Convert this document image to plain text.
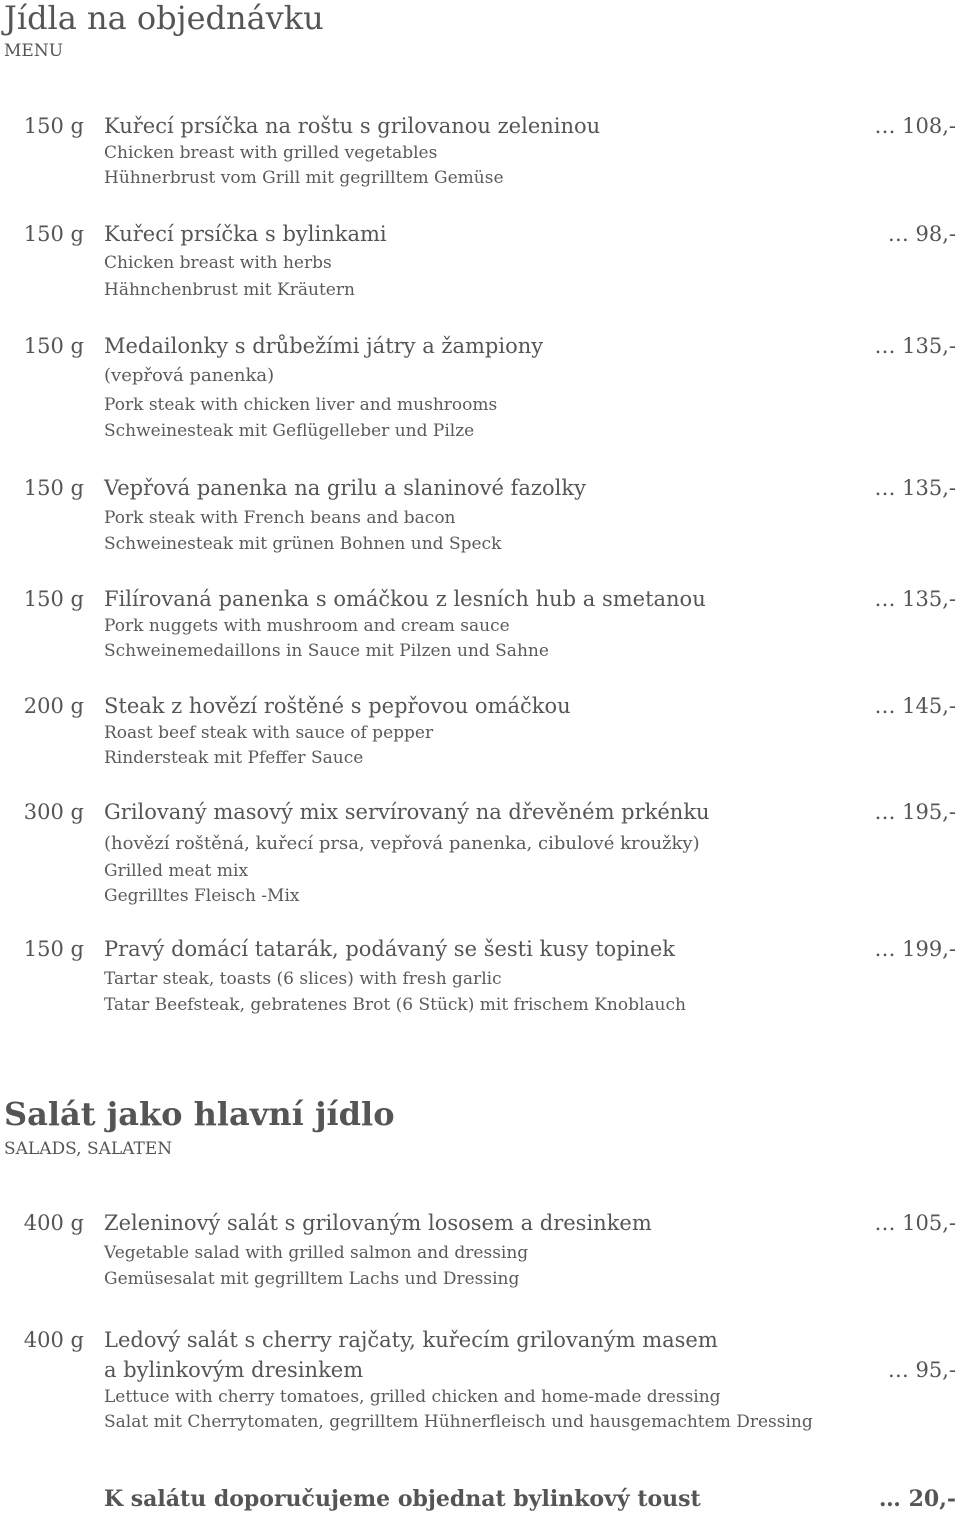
Jídla na objednávku
MENU
150 g Kuřecí prsíčka na roštu s grilovanou zeleninou	… 108,-
Chicken breast with grilled vegetables
Hühnerbrust vom Grill mit gegrilltem Gemüse
150 g Kuřecí prsíčka s bylinkami	… 98,-
Chicken breast with herbs
Hähnchenbrust mit Kräutern
150 g Medailonky s drůbežími játry a žampiony	… 135,-
(vepřová panenka)
Pork steak with chicken liver and mushrooms
Schweinesteak mit Geflügelleber und Pilze
150 g Vepřová panenka na grilu a slaninové fazolky	… 135,-
Pork steak with French beans and bacon
Schweinesteak mit grünen Bohnen und Speck
150 g Filírovaná panenka s omáčkou z lesních hub a smetanou	… 135,-
Pork nuggets with mushroom and cream sauce
Schweinemedaillons in Sauce mit Pilzen und Sahne
200 g Steak z hovězí roštěné s pepřovou omáčkou	… 145,-
Roast beef steak with sauce of pepper
Rindersteak mit Pfeffer Sauce
300 g Grilovaný masový mix servírovaný na dřevěném prkénku	… 195,-
(hovězí roštěná, kuřecí prsa, vepřová panenka, cibulové kroužky)
Grilled meat mix
Gegrilltes Fleisch -Mix
150 g Pravý domácí tatarák, podávaný se šesti kusy topinek	… 199,-
Tartar steak, toasts (6 slices) with fresh garlic
Tatar Beefsteak, gebratenes Brot (6 Stück) mit frischem Knoblauch
Salát jako hlavní jídlo
SALADS, SALATEN
400 g Zeleninový salát s grilovaným lososem a dresinkem	… 105,-
Vegetable salad with grilled salmon and dressing
Gemüsesalat mit gegrilltem Lachs und Dressing
400 g Ledový salát s cherry rajčaty, kuřecím grilovaným masem
a bylinkovým dresinkem	… 95,-
Lettuce with cherry tomatoes, grilled chicken and home-made dressing
Salat mit Cherrytomaten, gegrilltem Hühnerfleisch und hausgemachtem Dressing
K salátu doporučujeme objednat bylinkový toust	… 20,-
